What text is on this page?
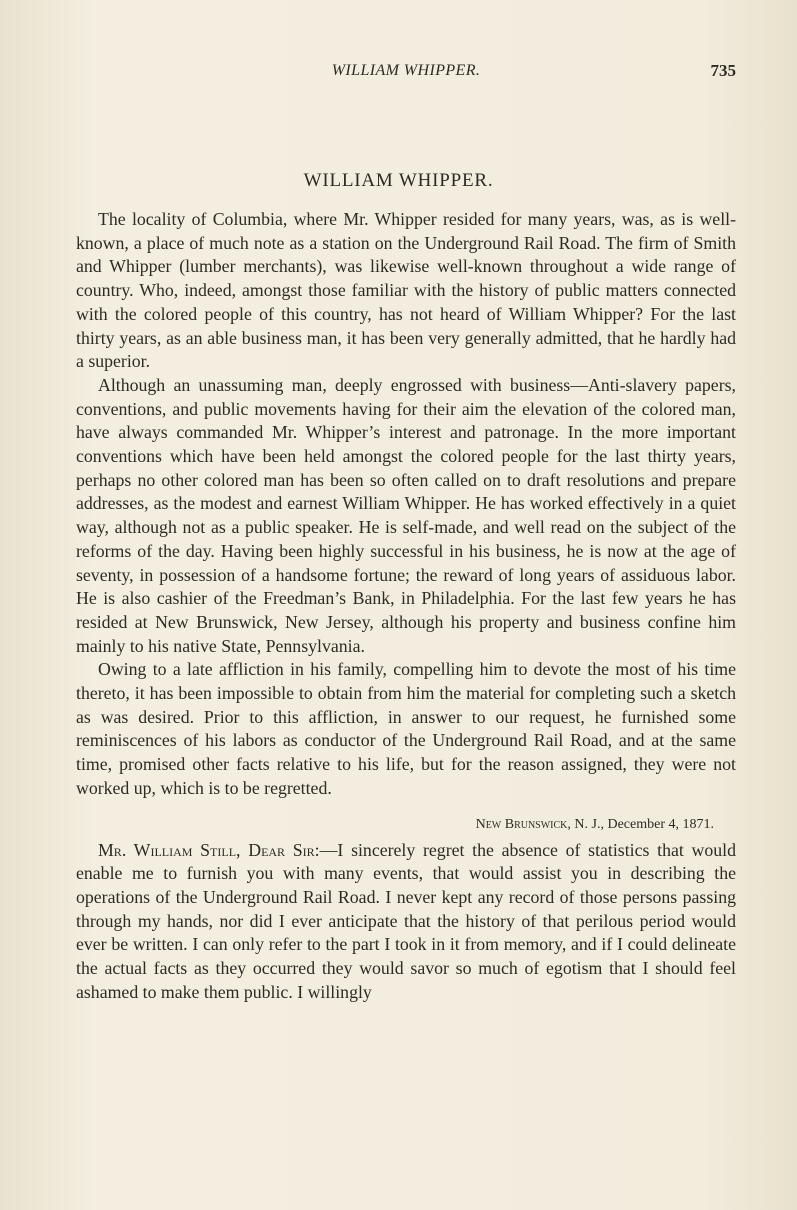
WILLIAM WHIPPER.	735
WILLIAM WHIPPER.

The locality of Columbia, where Mr. Whipper resided for many years, was, as is well-known, a place of much note as a station on the Underground Rail Road. The firm of Smith and Whipper (lumber merchants), was likewise well-known throughout a wide range of country. Who, indeed, amongst those familiar with the history of public matters connected with the colored people of this country, has not heard of William Whipper? For the last thirty years, as an able business man, it has been very generally admitted, that he hardly had a superior.

Although an unassuming man, deeply engrossed with business—Anti-slavery papers, conventions, and public movements having for their aim the elevation of the colored man, have always commanded Mr. Whipper’s interest and patronage. In the more important conventions which have been held amongst the colored people for the last thirty years, perhaps no other colored man has been so often called on to draft resolutions and prepare addresses, as the modest and earnest William Whipper. He has worked effectively in a quiet way, although not as a public speaker. He is self-made, and well read on the subject of the reforms of the day. Having been highly successful in his business, he is now at the age of seventy, in possession of a handsome fortune; the reward of long years of assiduous labor. He is also cashier of the Freedman’s Bank, in Philadelphia. For the last few years he has resided at New Brunswick, New Jersey, although his property and business confine him mainly to his native State, Pennsylvania.

Owing to a late affliction in his family, compelling him to devote the most of his time thereto, it has been impossible to obtain from him the material for completing such a sketch as was desired. Prior to this affliction, in answer to our request, he furnished some reminiscences of his labors as conductor of the Underground Rail Road, and at the same time, promised other facts relative to his life, but for the reason assigned, they were not worked up, which is to be regretted.

New Brunswick, N. J., December 4, 1871.

Mr. William Still, Dear Sir:—I sincerely regret the absence of statistics that would enable me to furnish you with many events, that would assist you in describing the operations of the Underground Rail Road. I never kept any record of those persons passing through my hands, nor did I ever anticipate that the history of that perilous period would ever be written. I can only refer to the part I took in it from memory, and if I could delineate the actual facts as they occurred they would savor so much of egotism that I should feel ashamed to make them public. I willingly
